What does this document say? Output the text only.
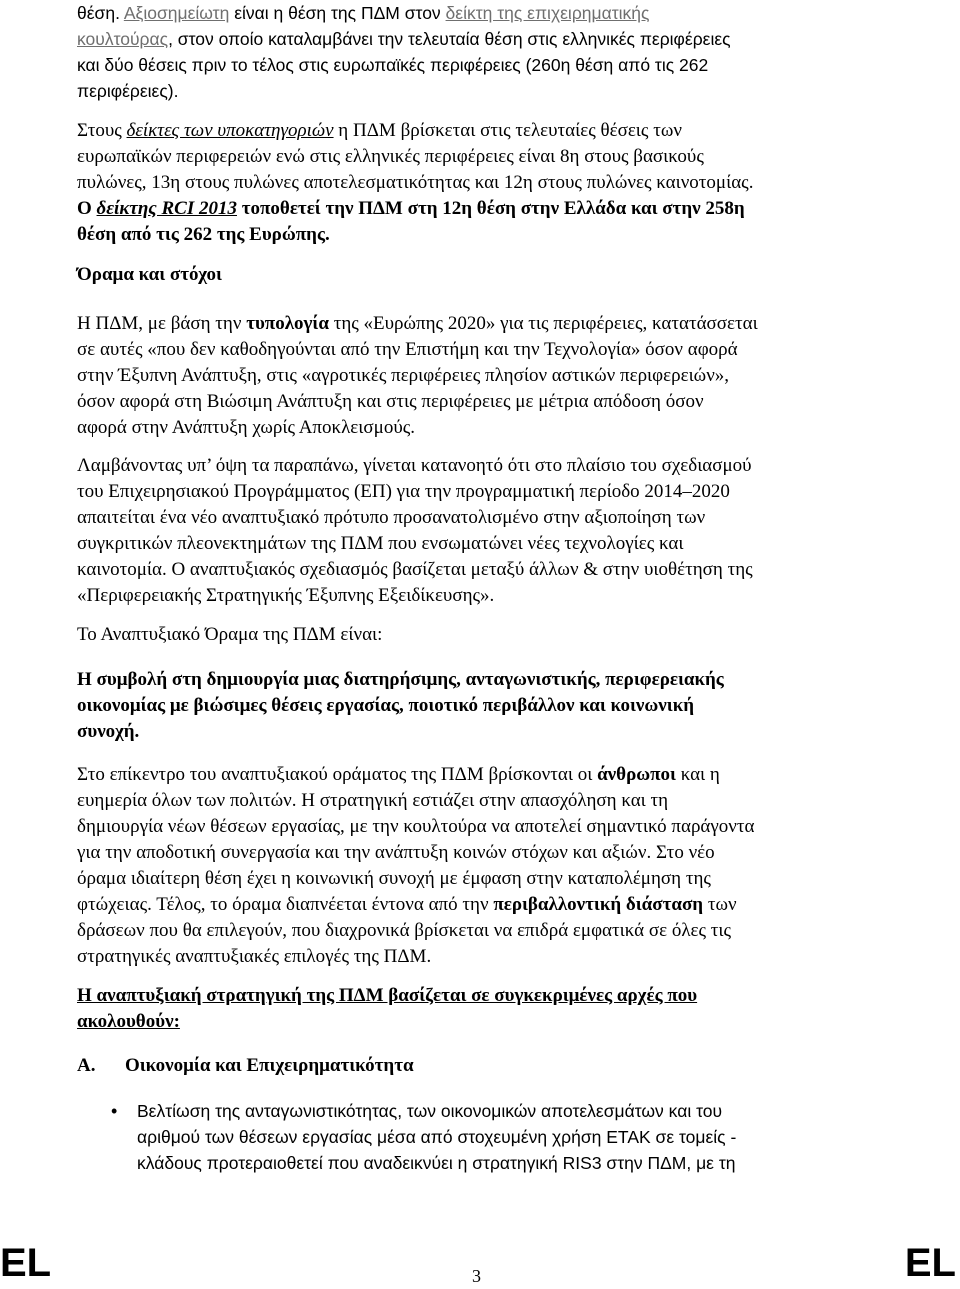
θέση. Αξιοσημείωτη είναι η θέση της ΠΔΜ στον δείκτη της επιχειρηματικής
κουλτούρας, στον οποίο καταλαμβάνει την τελευταία θέση στις ελληνικές περιφέρειες
και δύο θέσεις πριν το τέλος στις ευρωπαϊκές περιφέρειες (260η θέση από τις 262
περιφέρειες).
Στους δείκτες των υποκατηγοριών η ΠΔΜ βρίσκεται στις τελευταίες θέσεις των
ευρωπαϊκών περιφερειών ενώ στις ελληνικές περιφέρειες είναι 8η στους βασικούς
πυλώνες, 13η στους πυλώνες αποτελεσματικότητας και 12η στους πυλώνες καινοτομίας.
Ο δείκτης RCI 2013 τοποθετεί την ΠΔΜ στη 12η θέση στην Ελλάδα και στην 258η
θέση από τις 262 της Ευρώπης.
Όραμα και στόχοι
Η ΠΔΜ, με βάση την τυπολογία της «Ευρώπης 2020» για τις περιφέρειες, κατατάσσεται
σε αυτές «που δεν καθοδηγούνται από την Επιστήμη και την Τεχνολογία» όσον αφορά
στην Έξυπνη Ανάπτυξη, στις «αγροτικές περιφέρειες πλησίον αστικών περιφερειών»,
όσον αφορά στη Βιώσιμη Ανάπτυξη και στις περιφέρειες με μέτρια απόδοση όσον
αφορά στην Ανάπτυξη χωρίς Αποκλεισμούς.
Λαμβάνοντας υπ’ όψη τα παραπάνω, γίνεται κατανοητό ότι στο πλαίσιο του σχεδιασμού
του Επιχειρησιακού Προγράμματος (ΕΠ) για την προγραμματική περίοδο 2014–2020
απαιτείται ένα νέο αναπτυξιακό πρότυπο προσανατολισμένο στην αξιοποίηση των
συγκριτικών πλεονεκτημάτων της ΠΔΜ που ενσωματώνει νέες τεχνολογίες και
καινοτομία. Ο αναπτυξιακός σχεδιασμός βασίζεται μεταξύ άλλων & στην υιοθέτηση της
«Περιφερειακής Στρατηγικής Έξυπνης Εξειδίκευσης».
Το Αναπτυξιακό Όραμα της ΠΔΜ είναι:
Η συμβολή στη δημιουργία μιας διατηρήσιμης, ανταγωνιστικής, περιφερειακής
οικονομίας με βιώσιμες θέσεις εργασίας, ποιοτικό περιβάλλον και κοινωνική
συνοχή.
Στο επίκεντρο του αναπτυξιακού οράματος της ΠΔΜ βρίσκονται οι άνθρωποι και η
ευημερία όλων των πολιτών. Η στρατηγική εστιάζει στην απασχόληση και τη
δημιουργία νέων θέσεων εργασίας, με την κουλτούρα να αποτελεί σημαντικό παράγοντα
για την αποδοτική συνεργασία και την ανάπτυξη κοινών στόχων και αξιών. Στο νέο
όραμα ιδιαίτερη θέση έχει η κοινωνική συνοχή με έμφαση στην καταπολέμηση της
φτώχειας. Τέλος, το όραμα διαπνέεται έντονα από την περιβαλλοντική διάσταση των
δράσεων που θα επιλεγούν, που διαχρονικά βρίσκεται να επιδρά εμφατικά σε όλες τις
στρατηγικές αναπτυξιακές επιλογές της ΠΔΜ.
Η αναπτυξιακή στρατηγική της ΠΔΜ βασίζεται σε συγκεκριμένες αρχές που
ακολουθούν:
Α. Οικονομία και Επιχειρηματικότητα
• Βελτίωση της ανταγωνιστικότητας, των οικονομικών αποτελεσμάτων και του
αριθμού των θέσεων εργασίας μέσα από στοχευμένη χρήση ΕΤΑΚ σε τομείς -
κλάδους προτεραιοθετεί που αναδεικνύει η στρατηγική RIS3 στην ΠΔΜ, με τη
EL	3	EL
